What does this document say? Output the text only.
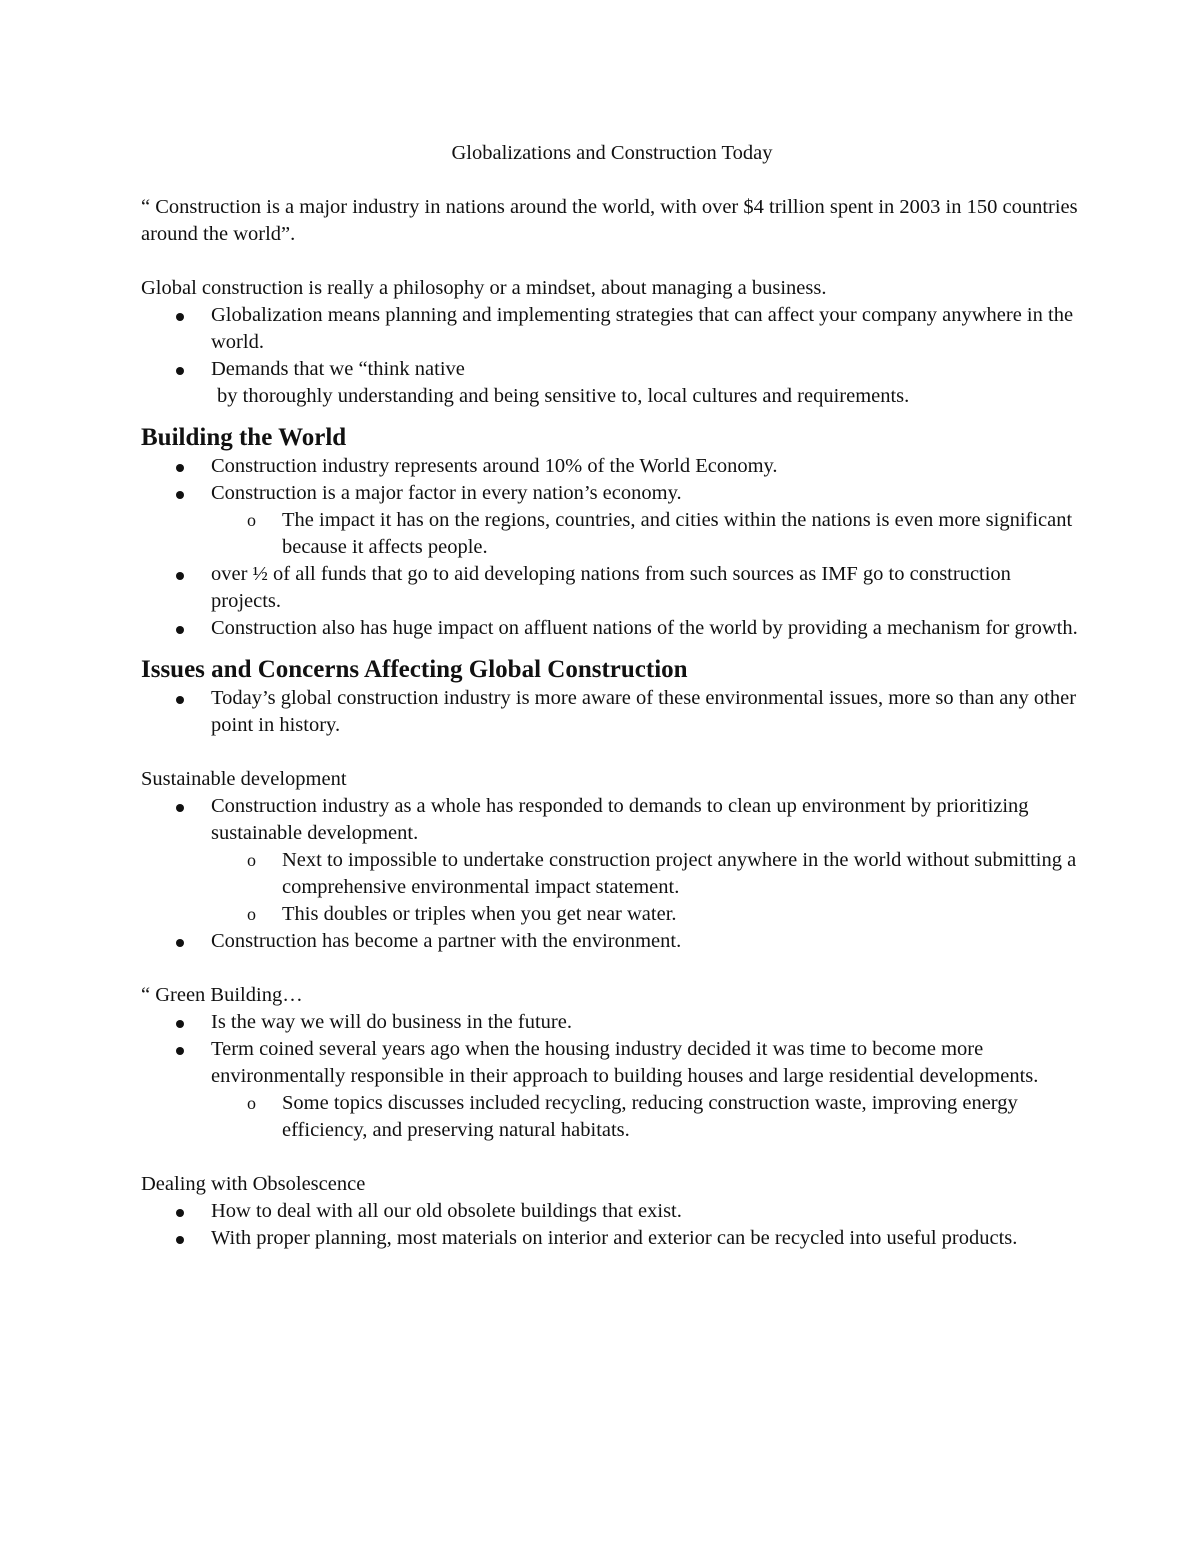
Globalizations and Construction Today

“ Construction is a major industry in nations around the world, with over $4 trillion spent in 2003 in 150 countries around the world”.

Global construction is really a philosophy or a mindset, about managing a business.

Globalization means planning and implementing strategies that can affect your company anywhere in the world.
Demands that we “think native
by thoroughly understanding and being sensitive to, local cultures and requirements.
Building the World
Construction industry represents around 10% of the World Economy.
Construction is a major factor in every nation’s economy.
o The impact it has on the regions, countries, and cities within the nations is even more significant because it affects people.
over ½ of all funds that go to aid developing nations from such sources as IMF go to construction projects.
Construction also has huge impact on affluent nations of the world by providing a mechanism for growth.
Issues and Concerns Affecting Global Construction
Today’s global construction industry is more aware of these environmental issues, more so than any other point in history.

Sustainable development

Construction industry as a whole has responded to demands to clean up environment by prioritizing sustainable development.
o Next to impossible to undertake construction project anywhere in the world without submitting a comprehensive environmental impact statement.
o This doubles or triples when you get near water.
Construction has become a partner with the environment.

“ Green Building…

Is the way we will do business in the future.
Term coined several years ago when the housing industry decided it was time to become more environmentally responsible in their approach to building houses and large residential developments.
o Some topics discusses included recycling, reducing construction waste, improving energy efficiency, and preserving natural habitats.

Dealing with Obsolescence

How to deal with all our old obsolete buildings that exist.
With proper planning, most materials on interior and exterior can be recycled into useful products.
